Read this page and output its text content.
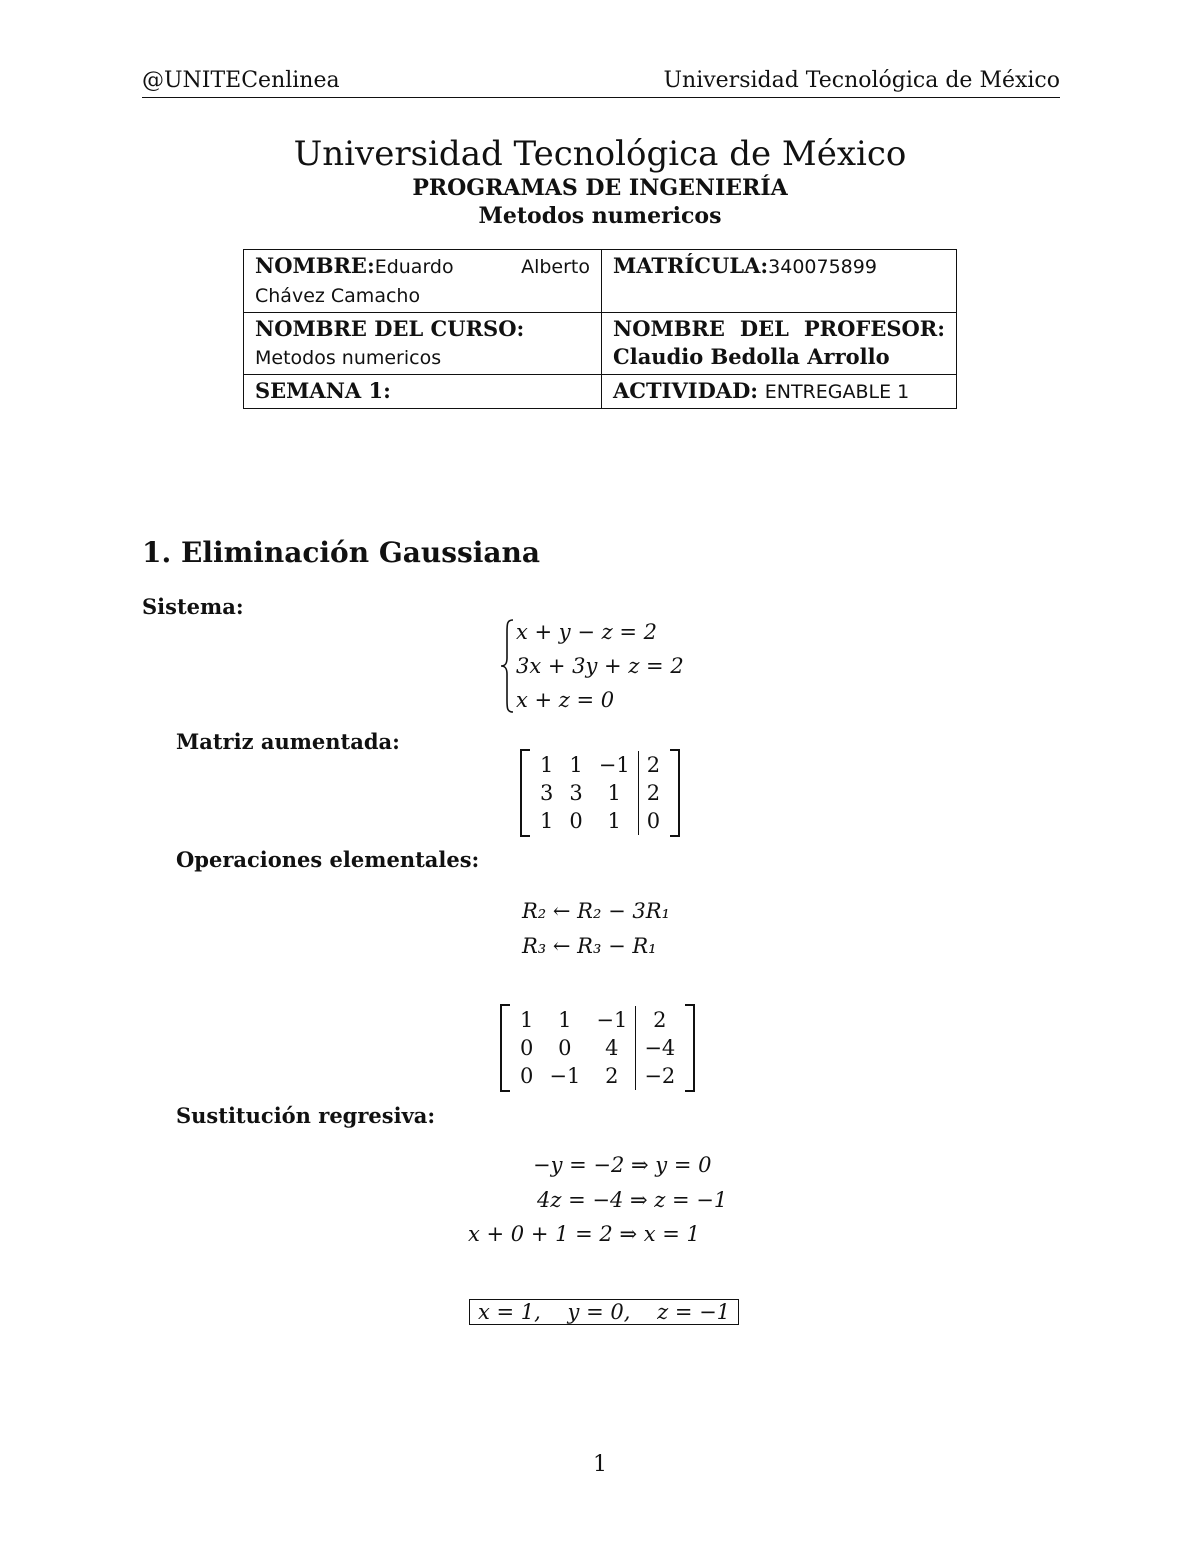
@UNITECenlinea	Universidad Tecnológica de México
Universidad Tecnológica de México
PROGRAMAS DE INGENIERÍA
Metodos numericos
NOMBRE:Eduardo Alberto Chávez Camacho	MATRÍCULA:340075899
NOMBRE DEL CURSO:
Metodos numericos	NOMBRE DEL PROFESOR: Claudio Bedolla Arrollo
SEMANA 1:	ACTIVIDAD: ENTREGABLE 1
1. Eliminación Gaussiana
Sistema:
x + y − z = 2
3x + 3y + z = 2
x + z = 0
Matriz aumentada:
1	1	−1	2
3	3	1	2
1	0	1	0
Operaciones elementales:
R₂ ← R₂ − 3R₁
R₃ ← R₃ − R₁
1	1	−1	2
0	0	4	−4
0	−1	2	−2
Sustitución regresiva:
−y = −2 ⇒ y = 0
4z = −4 ⇒ z = −1
x + 0 + 1 = 2 ⇒ x = 1
x = 1,    y = 0,    z = −1
1
